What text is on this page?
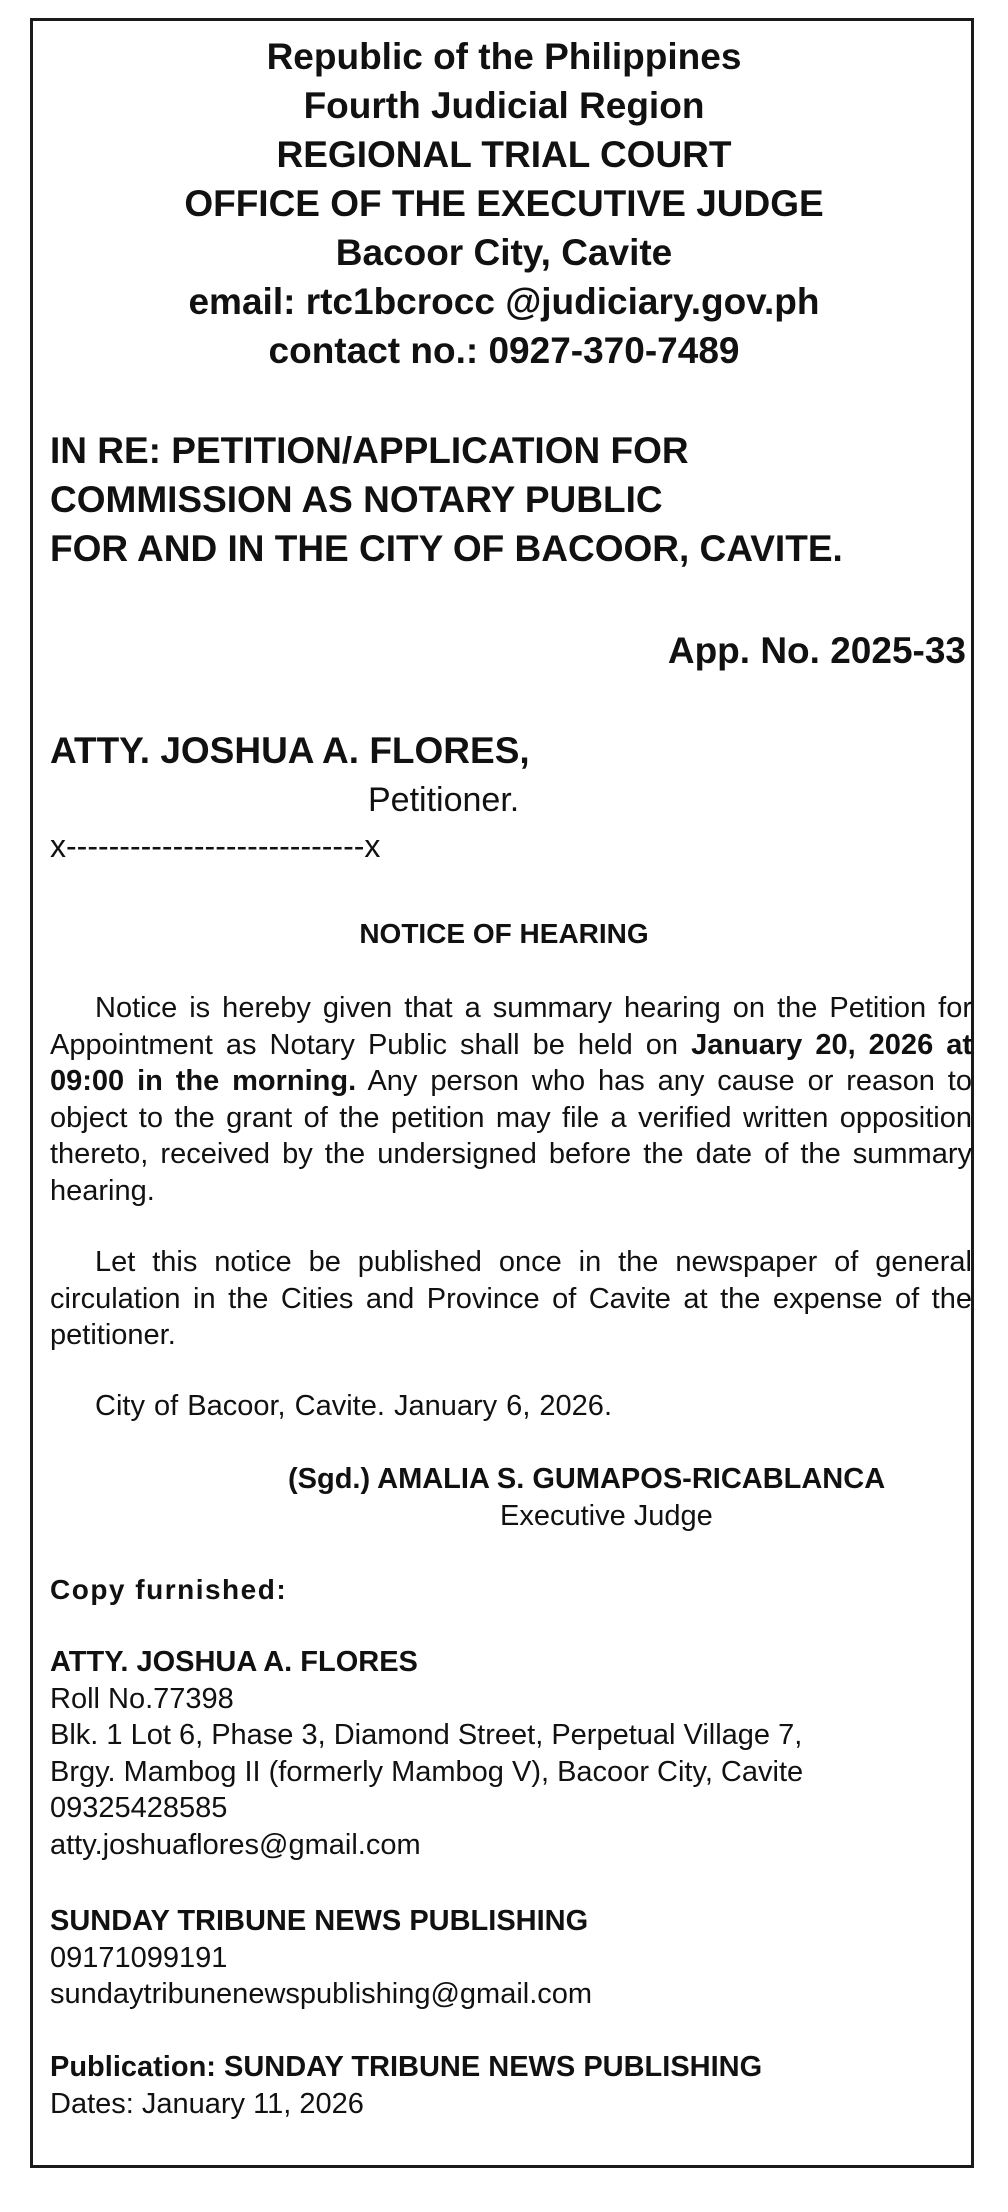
Republic of the Philippines
Fourth Judicial Region
REGIONAL TRIAL COURT
OFFICE OF THE EXECUTIVE JUDGE
Bacoor City, Cavite
email: rtc1bcrocc @judiciary.gov.ph
contact no.: 0927-370-7489
IN RE: PETITION/APPLICATION FOR
COMMISSION AS NOTARY PUBLIC
FOR AND IN THE CITY OF BACOOR, CAVITE.
App. No. 2025-33
ATTY. JOSHUA A. FLORES,
Petitioner.
x----------------------------x
NOTICE OF HEARING

Notice is hereby given that a summary hearing on the Petition for Appointment as Notary Public shall be held on January 20, 2026 at 09:00 in the morning. Any person who has any cause or reason to object to the grant of the petition may file a verified written opposition thereto, received by the undersigned before the date of the summary hearing.

Let this notice be published once in the newspaper of general circulation in the Cities and Province of Cavite at the expense of the petitioner.

City of Bacoor, Cavite. January 6, 2026.

(Sgd.) AMALIA S. GUMAPOS-RICABLANCA
Executive Judge
Copy furnished:
ATTY. JOSHUA A. FLORES
Roll No.77398
Blk. 1 Lot 6, Phase 3, Diamond Street, Perpetual Village 7,
Brgy. Mambog II (formerly Mambog V), Bacoor City, Cavite
09325428585
atty.joshuaflores@gmail.com
SUNDAY TRIBUNE NEWS PUBLISHING
09171099191
sundaytribunenewspublishing@gmail.com
Publication: SUNDAY TRIBUNE NEWS PUBLISHING
Dates: January 11, 2026
